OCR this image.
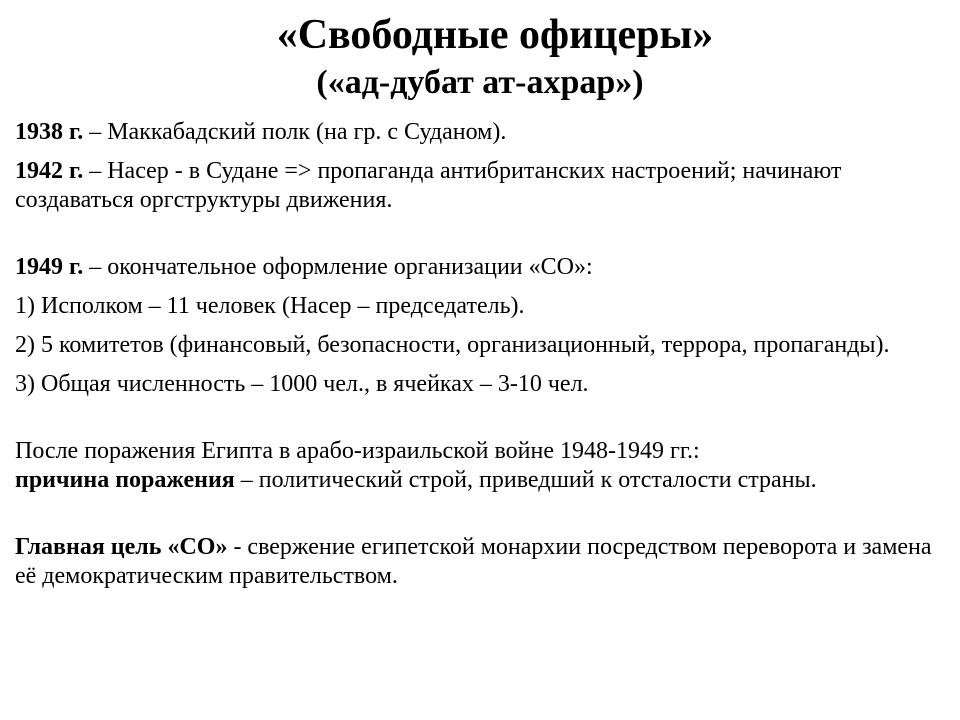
«Свободные офицеры»
(«ад-дубат ат-ахрар»)

1938 г. – Маккабадский полк (на гр. с Суданом).

1942 г. – Насер - в Судане => пропаганда антибританских настроений; начинают создаваться оргструктуры движения.

1949 г. – окончательное оформление организации «СО»:

1) Исполком – 11 человек (Насер – председатель).

2) 5 комитетов (финансовый, безопасности, организационный, террора, пропаганды).

3) Общая численность – 1000 чел., в ячейках – 3-10 чел.

После поражения Египта в арабо-израильской войне 1948-1949 гг.:
причина поражения – политический строй, приведший к отсталости страны.

Главная цель «СО» - свержение египетской монархии посредством переворота и замена её демократическим правительством.
